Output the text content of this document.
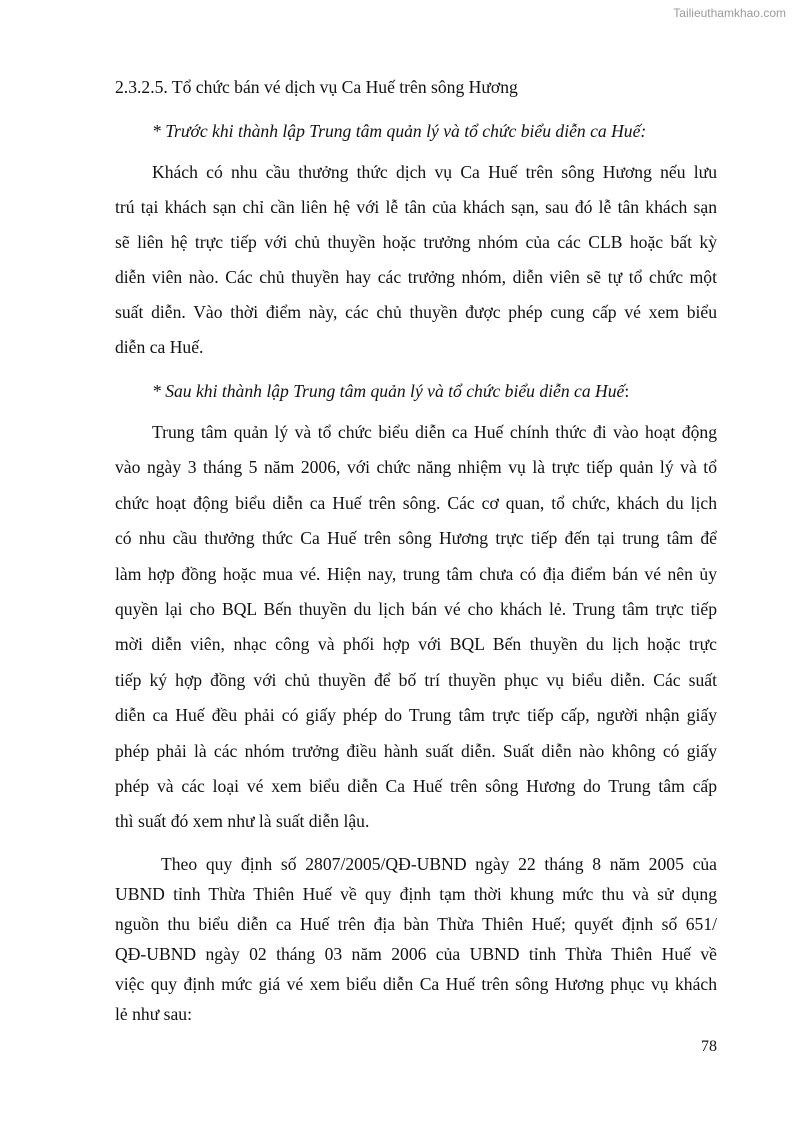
Tailieuthamkhao.com
2.3.2.5. Tổ chức bán vé dịch vụ Ca Huế trên sông Hương
* Trước khi thành lập Trung tâm quản lý và tổ chức biểu diễn ca Huế:
Khách có nhu cầu thưởng thức dịch vụ Ca Huế trên sông Hương nếu lưu
trú tại khách sạn chỉ cần liên hệ với lễ tân của khách sạn, sau đó lễ tân khách sạn
sẽ liên hệ trực tiếp với chủ thuyền hoặc trưởng nhóm của các CLB hoặc bất kỳ
diễn viên nào. Các chủ thuyền hay các trưởng nhóm, diễn viên sẽ tự tổ chức một
suất diễn. Vào thời điểm này, các chủ thuyền được phép cung cấp vé xem biểu
diễn ca Huế.
* Sau khi thành lập Trung tâm quản lý và tổ chức biểu diễn ca Huế:
Trung tâm quản lý và tổ chức biểu diễn ca Huế chính thức đi vào hoạt động
vào ngày 3 tháng 5 năm 2006, với chức năng nhiệm vụ là trực tiếp quản lý và tổ
chức hoạt động biểu diễn ca Huế trên sông. Các cơ quan, tổ chức, khách du lịch
có nhu cầu thưởng thức Ca Huế trên sông Hương trực tiếp đến tại trung tâm để
làm hợp đồng hoặc mua vé. Hiện nay, trung tâm chưa có địa điểm bán vé nên ủy
quyền lại cho BQL Bến thuyền du lịch bán vé cho khách lẻ. Trung tâm trực tiếp
mời diễn viên, nhạc công và phối hợp với BQL Bến thuyền du lịch hoặc trực
tiếp ký hợp đồng với chủ thuyền để bố trí thuyền phục vụ biểu diễn. Các suất
diễn ca Huế đều phải có giấy phép do Trung tâm trực tiếp cấp, người nhận giấy
phép phải là các nhóm trưởng điều hành suất diễn. Suất diễn nào không có giấy
phép và các loại vé xem biểu diễn Ca Huế trên sông Hương do Trung tâm cấp
thì suất đó xem như là suất diễn lậu.
Theo quy định số 2807/2005/QĐ-UBND ngày 22 tháng 8 năm 2005 của
UBND tỉnh Thừa Thiên Huế về quy định tạm thời khung mức thu và sử dụng
nguồn thu biểu diễn ca Huế trên địa bàn Thừa Thiên Huế; quyết định số 651/
QĐ-UBND ngày 02 tháng 03 năm 2006 của UBND tỉnh Thừa Thiên Huế về
việc quy định mức giá vé xem biểu diễn Ca Huế trên sông Hương phục vụ khách
lẻ như sau:
78
